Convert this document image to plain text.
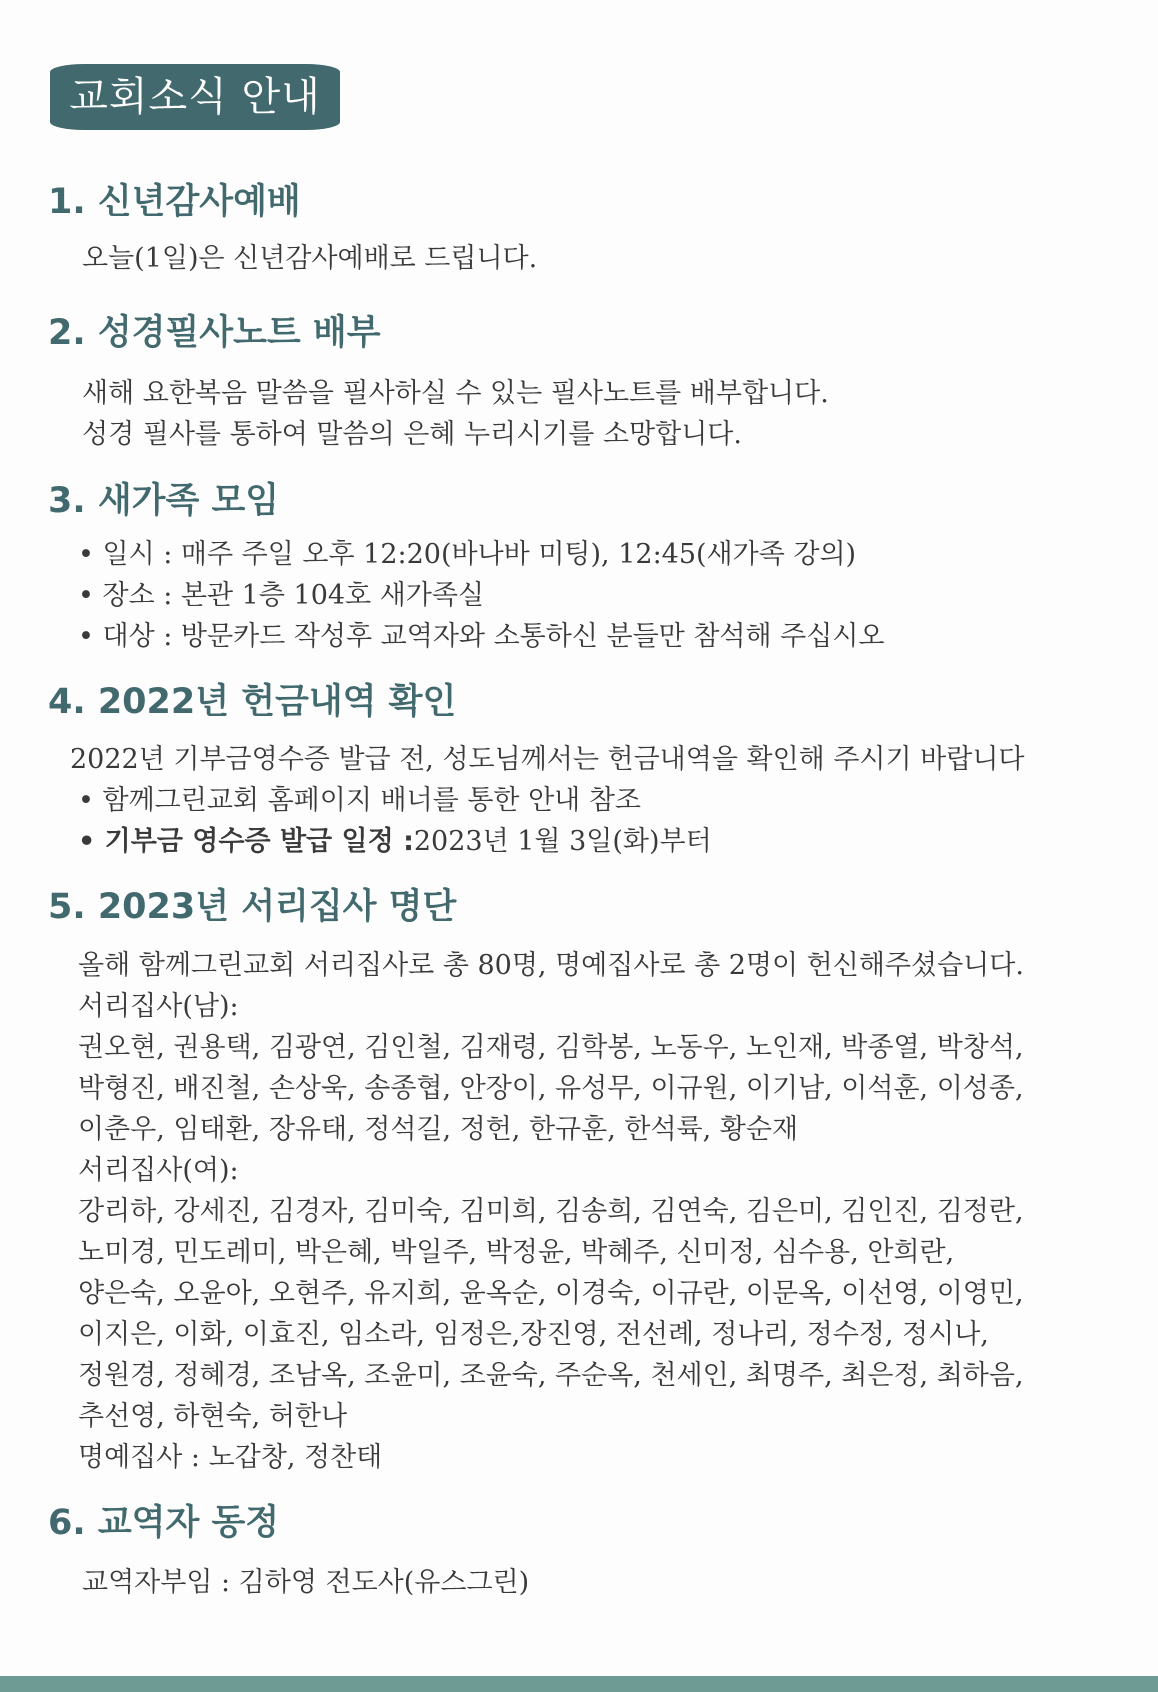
교회소식 안내
1. 신년감사예배
오늘(1일)은 신년감사예배로 드립니다.
2. 성경필사노트 배부
새해 요한복음 말씀을 필사하실 수 있는 필사노트를 배부합니다.
성경 필사를 통하여 말씀의 은혜 누리시기를 소망합니다.
3. 새가족 모임
• 일시 : 매주 주일 오후 12:20(바나바 미팅), 12:45(새가족 강의)
• 장소 : 본관 1층 104호 새가족실
• 대상 : 방문카드 작성후 교역자와 소통하신 분들만 참석해 주십시오
4. 2022년 헌금내역 확인
2022년 기부금영수증 발급 전, 성도님께서는 헌금내역을 확인해 주시기 바랍니다
• 함께그린교회 홈페이지 배너를 통한 안내 참조
• 기부금 영수증 발급 일정 :2023년 1월 3일(화)부터
5. 2023년 서리집사 명단
올해 함께그린교회 서리집사로 총 80명, 명예집사로 총 2명이 헌신해주셨습니다.
서리집사(남):
권오현, 권용택, 김광연, 김인철, 김재령, 김학봉, 노동우, 노인재, 박종열, 박창석,
박형진, 배진철, 손상욱, 송종협, 안장이, 유성무, 이규원, 이기남, 이석훈, 이성종,
이춘우, 임태환, 장유태, 정석길, 정헌, 한규훈, 한석륙, 황순재
서리집사(여):
강리하, 강세진, 김경자, 김미숙, 김미희, 김송희, 김연숙, 김은미, 김인진, 김정란,
노미경, 민도레미, 박은혜, 박일주, 박정윤, 박혜주, 신미정, 심수용, 안희란,
양은숙, 오윤아, 오현주, 유지희, 윤옥순, 이경숙, 이규란, 이문옥, 이선영, 이영민,
이지은, 이화, 이효진, 임소라, 임정은,장진영, 전선례, 정나리, 정수정, 정시나,
정원경, 정혜경, 조남옥, 조윤미, 조윤숙, 주순옥, 천세인, 최명주, 최은정, 최하음,
추선영, 하현숙, 허한나
명예집사 : 노갑창, 정찬태
6. 교역자 동정
교역자부임 : 김하영 전도사(유스그린)
